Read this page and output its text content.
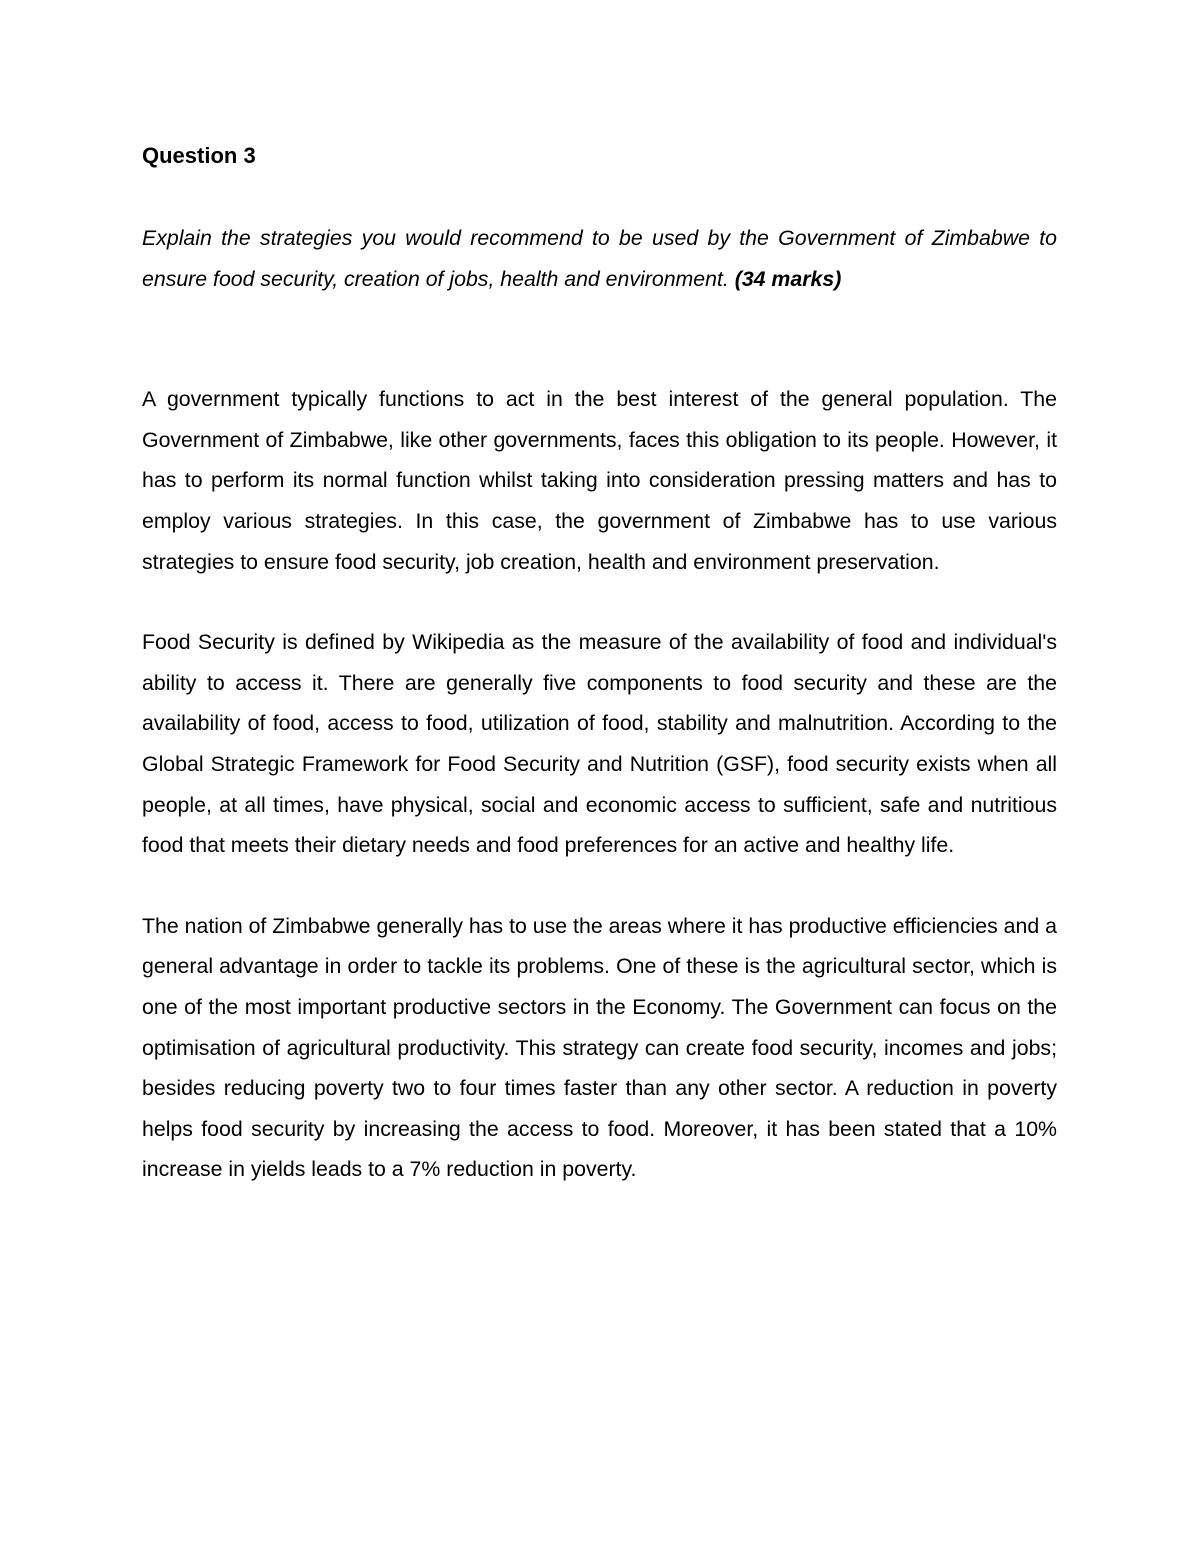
Question 3

Explain the strategies you would recommend to be used by the Government of Zimbabwe to ensure food security, creation of jobs, health and environment. (34 marks)

A government typically functions to act in the best interest of the general population. The Government of Zimbabwe, like other governments, faces this obligation to its people. However, it has to perform its normal function whilst taking into consideration pressing matters and has to employ various strategies. In this case, the government of Zimbabwe has to use various strategies to ensure food security, job creation, health and environment preservation.

Food Security is defined by Wikipedia as the measure of the availability of food and individual's ability to access it. There are generally five components to food security and these are the availability of food, access to food, utilization of food, stability and malnutrition. According to the Global Strategic Framework for Food Security and Nutrition (GSF), food security exists when all people, at all times, have physical, social and economic access to sufficient, safe and nutritious food that meets their dietary needs and food preferences for an active and healthy life.

The nation of Zimbabwe generally has to use the areas where it has productive efficiencies and a general advantage in order to tackle its problems. One of these is the agricultural sector, which is one of the most important productive sectors in the Economy. The Government can focus on the optimisation of agricultural productivity. This strategy can create food security, incomes and jobs; besides reducing poverty two to four times faster than any other sector. A reduction in poverty helps food security by increasing the access to food. Moreover, it has been stated that a 10% increase in yields leads to a 7% reduction in poverty.
